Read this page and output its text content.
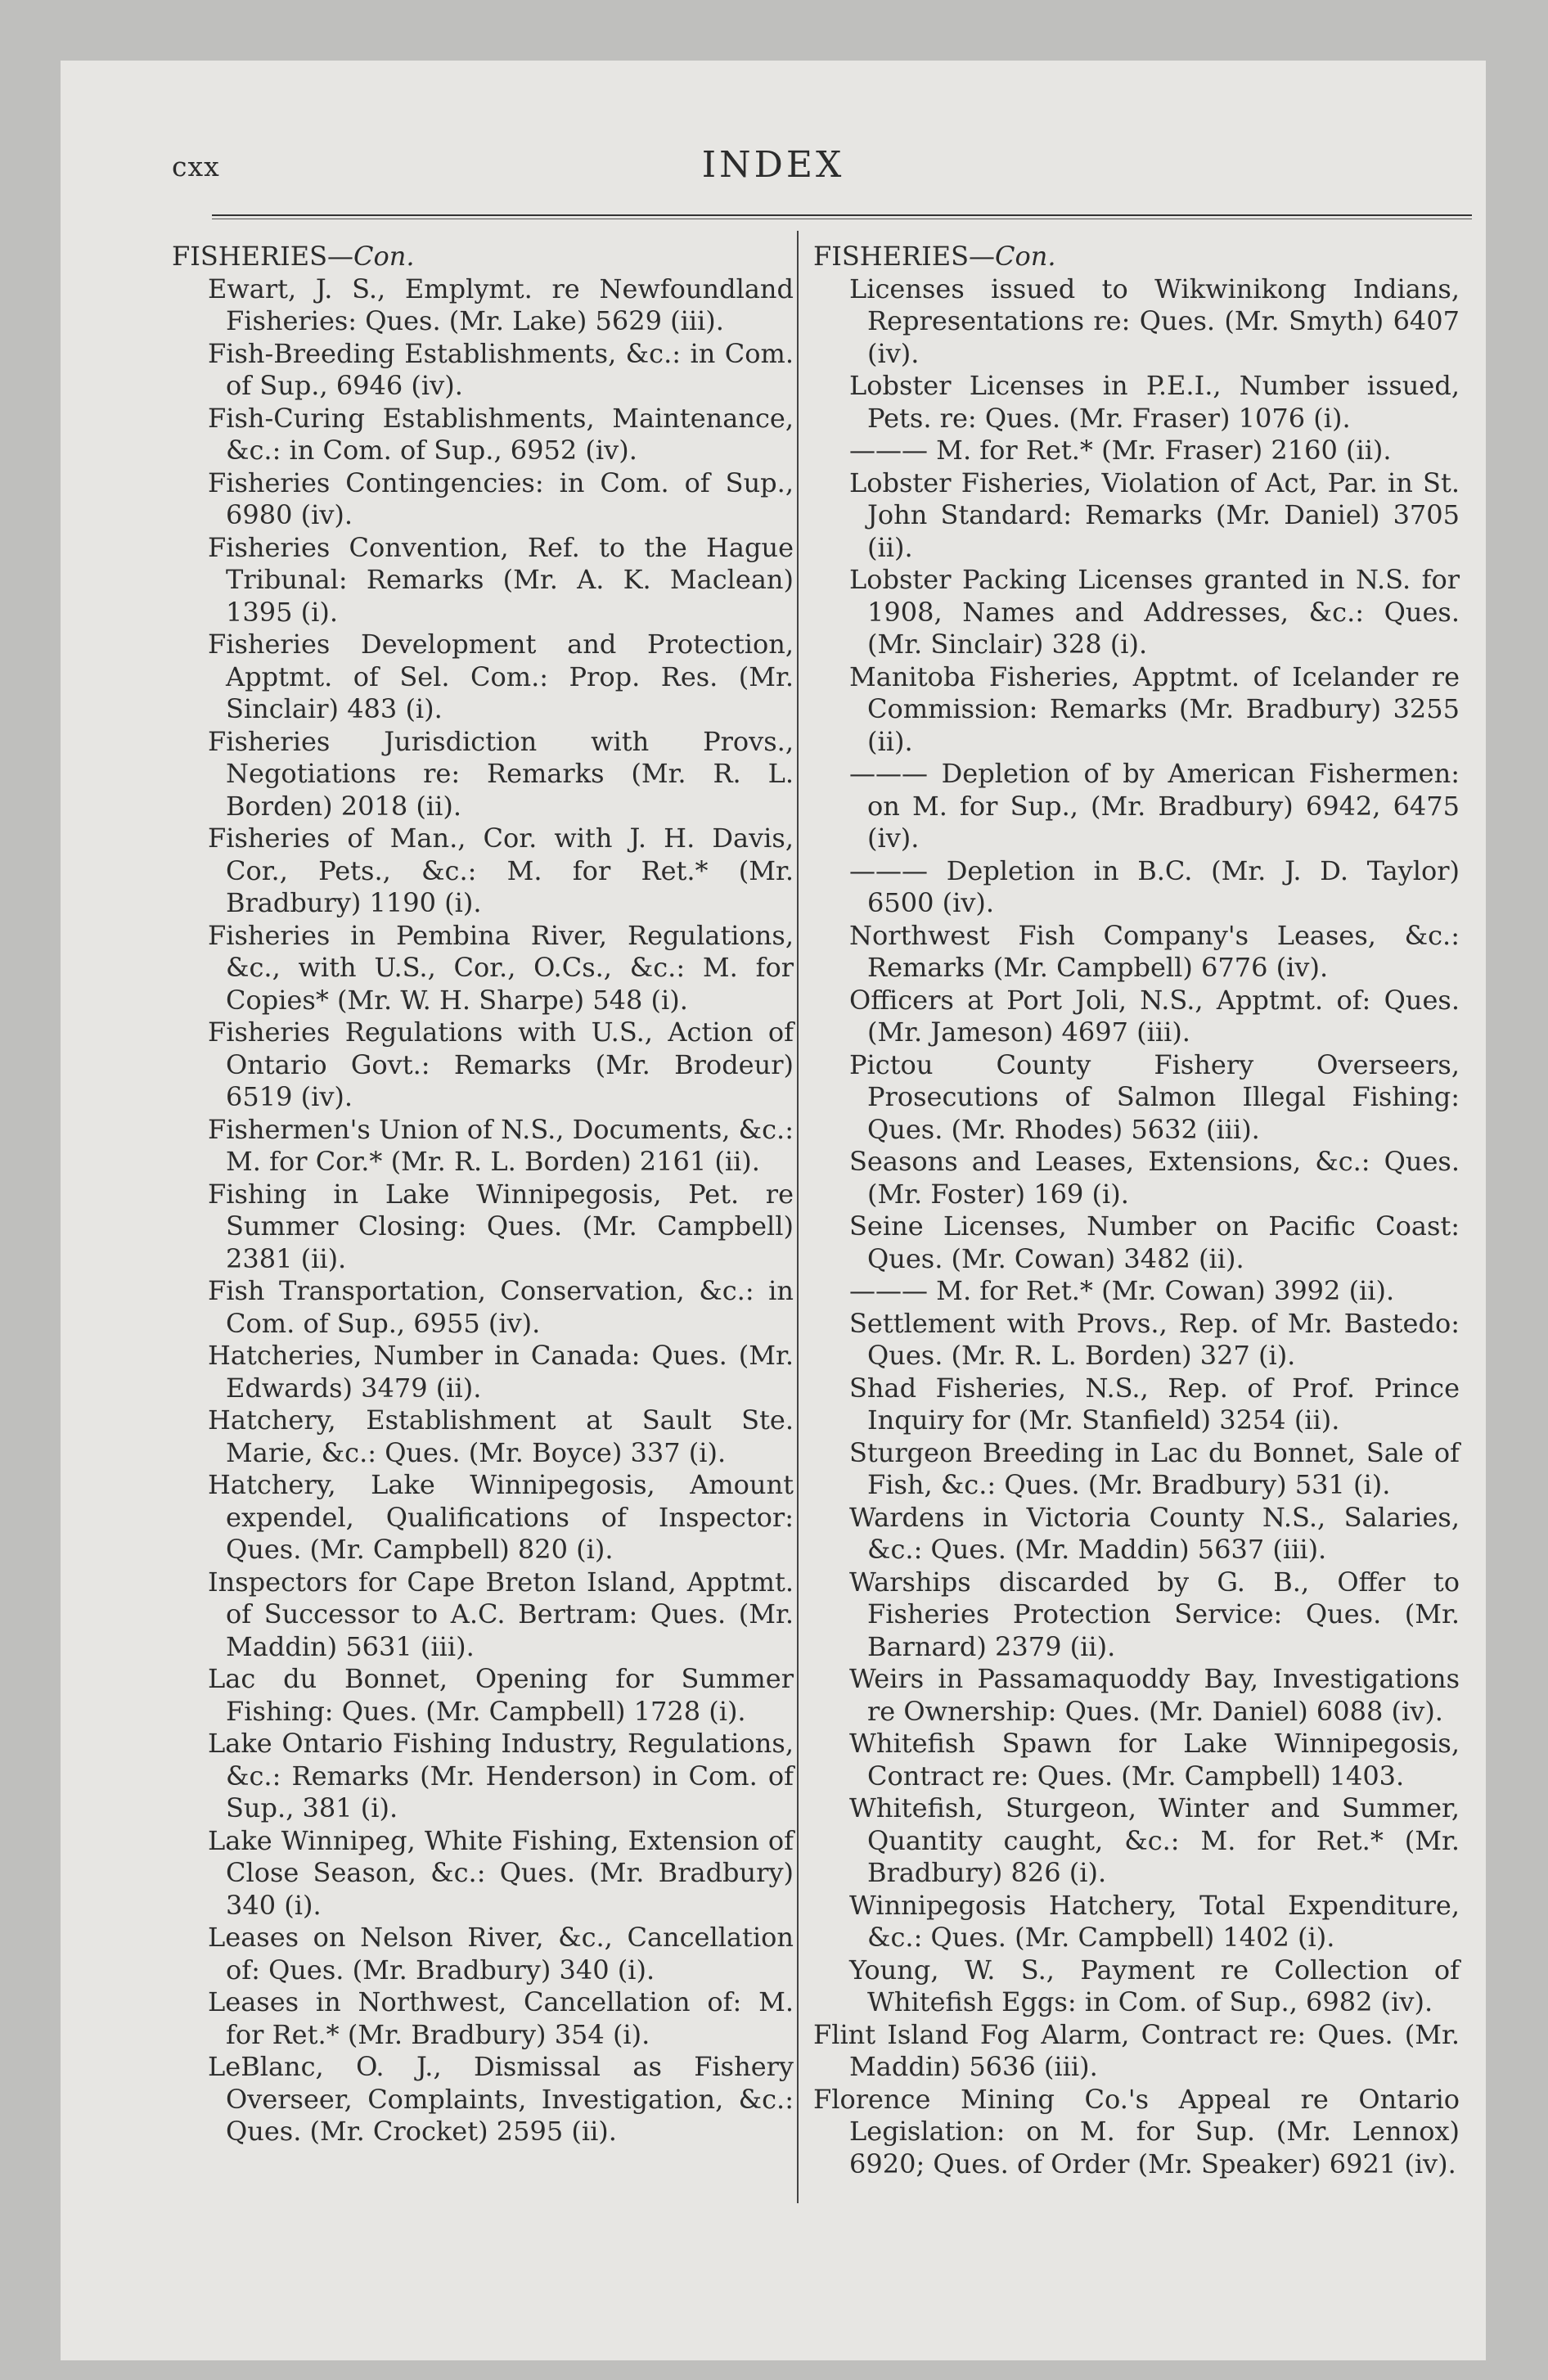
cxx	INDEX
FISHERIES—Con.
Ewart, J. S., Emplymt. re Newfoundland Fisheries: Ques. (Mr. Lake) 5629 (iii).
Fish-Breeding Establishments, &c.: in Com. of Sup., 6946 (iv).
Fish-Curing Establishments, Maintenance, &c.: in Com. of Sup., 6952 (iv).
Fisheries Contingencies: in Com. of Sup., 6980 (iv).
Fisheries Convention, Ref. to the Hague Tribunal: Remarks (Mr. A. K. Maclean) 1395 (i).
Fisheries Development and Protection, Apptmt. of Sel. Com.: Prop. Res. (Mr. Sinclair) 483 (i).
Fisheries Jurisdiction with Provs., Negotiations re: Remarks (Mr. R. L. Borden) 2018 (ii).
Fisheries of Man., Cor. with J. H. Davis, Cor., Pets., &c.: M. for Ret.* (Mr. Bradbury) 1190 (i).
Fisheries in Pembina River, Regulations, &c., with U.S., Cor., O.Cs., &c.: M. for Copies* (Mr. W. H. Sharpe) 548 (i).
Fisheries Regulations with U.S., Action of Ontario Govt.: Remarks (Mr. Brodeur) 6519 (iv).
Fishermen's Union of N.S., Documents, &c.: M. for Cor.* (Mr. R. L. Borden) 2161 (ii).
Fishing in Lake Winnipegosis, Pet. re Summer Closing: Ques. (Mr. Campbell) 2381 (ii).
Fish Transportation, Conservation, &c.: in Com. of Sup., 6955 (iv).
Hatcheries, Number in Canada: Ques. (Mr. Edwards) 3479 (ii).
Hatchery, Establishment at Sault Ste. Marie, &c.: Ques. (Mr. Boyce) 337 (i).
Hatchery, Lake Winnipegosis, Amount expendel, Qualifications of Inspector: Ques. (Mr. Campbell) 820 (i).
Inspectors for Cape Breton Island, Apptmt. of Successor to A.C. Bertram: Ques. (Mr. Maddin) 5631 (iii).
Lac du Bonnet, Opening for Summer Fishing: Ques. (Mr. Campbell) 1728 (i).
Lake Ontario Fishing Industry, Regulations, &c.: Remarks (Mr. Henderson) in Com. of Sup., 381 (i).
Lake Winnipeg, White Fishing, Extension of Close Season, &c.: Ques. (Mr. Bradbury) 340 (i).
Leases on Nelson River, &c., Cancellation of: Ques. (Mr. Bradbury) 340 (i).
Leases in Northwest, Cancellation of: M. for Ret.* (Mr. Bradbury) 354 (i).
LeBlanc, O. J., Dismissal as Fishery Overseer, Complaints, Investigation, &c.: Ques. (Mr. Crocket) 2595 (ii).
FISHERIES—Con.
Licenses issued to Wikwinikong Indians, Representations re: Ques. (Mr. Smyth) 6407 (iv).
Lobster Licenses in P.E.I., Number issued, Pets. re: Ques. (Mr. Fraser) 1076 (i).
——— M. for Ret.* (Mr. Fraser) 2160 (ii).
Lobster Fisheries, Violation of Act, Par. in St. John Standard: Remarks (Mr. Daniel) 3705 (ii).
Lobster Packing Licenses granted in N.S. for 1908, Names and Addresses, &c.: Ques. (Mr. Sinclair) 328 (i).
Manitoba Fisheries, Apptmt. of Icelander re Commission: Remarks (Mr. Bradbury) 3255 (ii).
——— Depletion of by American Fishermen: on M. for Sup., (Mr. Bradbury) 6942, 6475 (iv).
——— Depletion in B.C. (Mr. J. D. Taylor) 6500 (iv).
Northwest Fish Company's Leases, &c.: Remarks (Mr. Campbell) 6776 (iv).
Officers at Port Joli, N.S., Apptmt. of: Ques. (Mr. Jameson) 4697 (iii).
Pictou County Fishery Overseers, Prosecutions of Salmon Illegal Fishing: Ques. (Mr. Rhodes) 5632 (iii).
Seasons and Leases, Extensions, &c.: Ques. (Mr. Foster) 169 (i).
Seine Licenses, Number on Pacific Coast: Ques. (Mr. Cowan) 3482 (ii).
——— M. for Ret.* (Mr. Cowan) 3992 (ii).
Settlement with Provs., Rep. of Mr. Bastedo: Ques. (Mr. R. L. Borden) 327 (i).
Shad Fisheries, N.S., Rep. of Prof. Prince Inquiry for (Mr. Stanfield) 3254 (ii).
Sturgeon Breeding in Lac du Bonnet, Sale of Fish, &c.: Ques. (Mr. Bradbury) 531 (i).
Wardens in Victoria County N.S., Salaries, &c.: Ques. (Mr. Maddin) 5637 (iii).
Warships discarded by G. B., Offer to Fisheries Protection Service: Ques. (Mr. Barnard) 2379 (ii).
Weirs in Passamaquoddy Bay, Investigations re Ownership: Ques. (Mr. Daniel) 6088 (iv).
Whitefish Spawn for Lake Winnipegosis, Contract re: Ques. (Mr. Campbell) 1403.
Whitefish, Sturgeon, Winter and Summer, Quantity caught, &c.: M. for Ret.* (Mr. Bradbury) 826 (i).
Winnipegosis Hatchery, Total Expenditure, &c.: Ques. (Mr. Campbell) 1402 (i).
Young, W. S., Payment re Collection of Whitefish Eggs: in Com. of Sup., 6982 (iv).
Flint Island Fog Alarm, Contract re: Ques. (Mr. Maddin) 5636 (iii).
Florence Mining Co.'s Appeal re Ontario Legislation: on M. for Sup. (Mr. Lennox) 6920; Ques. of Order (Mr. Speaker) 6921 (iv).
